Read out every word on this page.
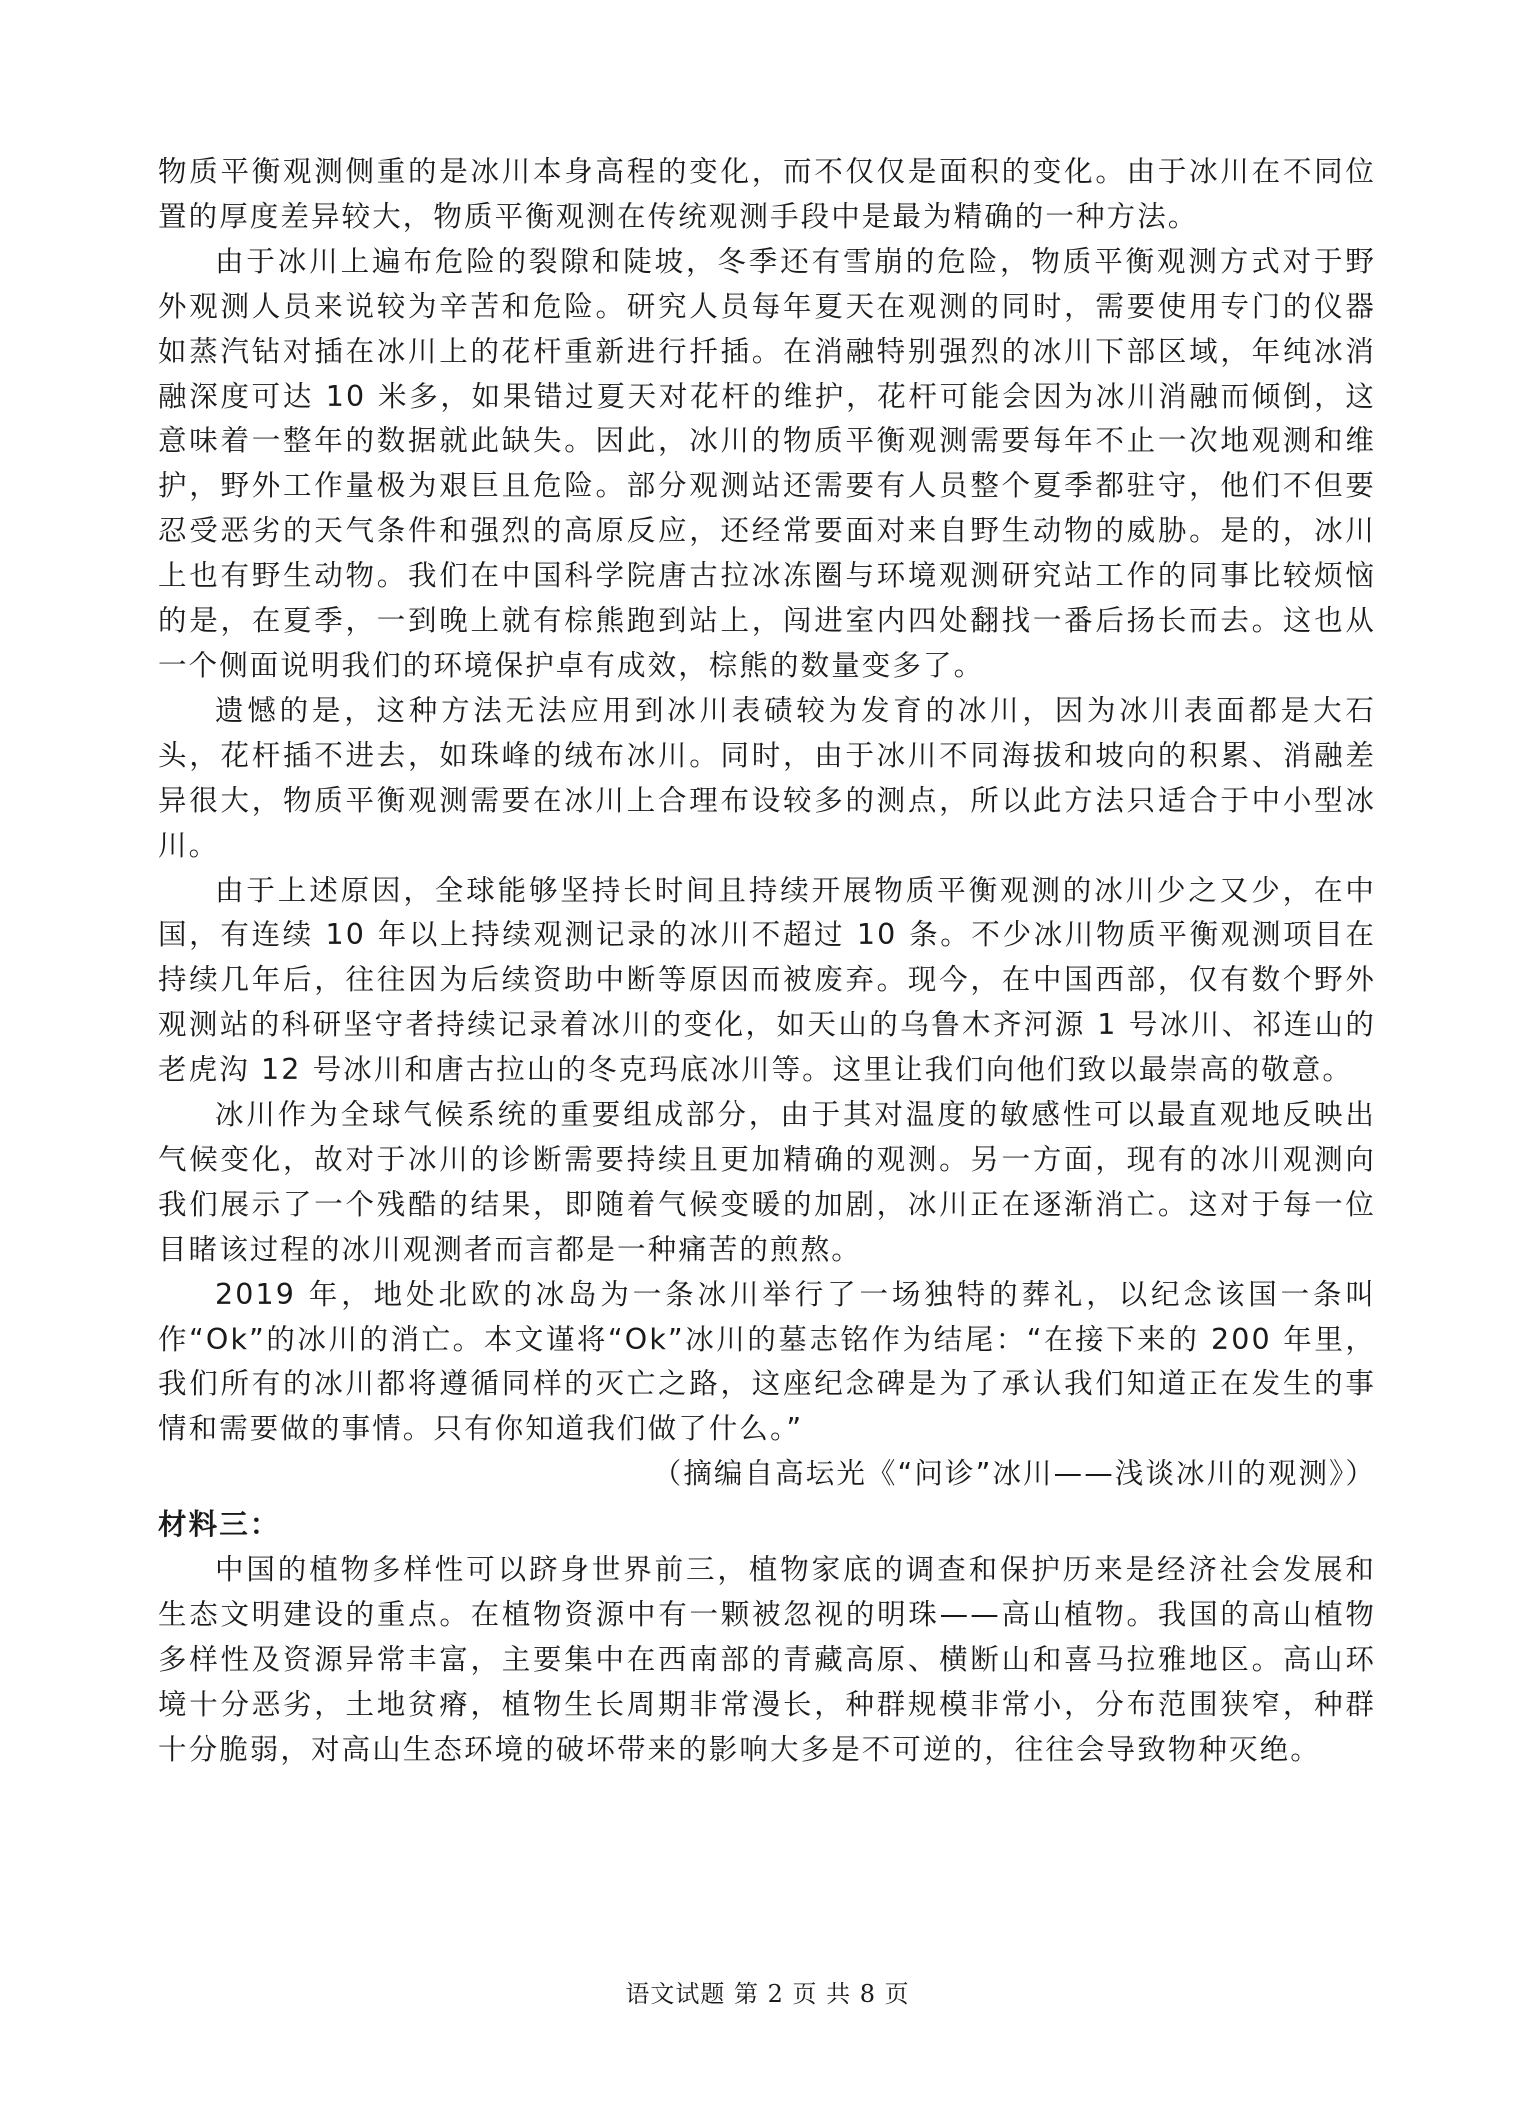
物质平衡观测侧重的是冰川本身高程的变化，而不仅仅是面积的变化。由于冰川在不同位置的厚度差异较大，物质平衡观测在传统观测手段中是最为精确的一种方法。

由于冰川上遍布危险的裂隙和陡坡，冬季还有雪崩的危险，物质平衡观测方式对于野外观测人员来说较为辛苦和危险。研究人员每年夏天在观测的同时，需要使用专门的仪器如蒸汽钻对插在冰川上的花杆重新进行扦插。在消融特别强烈的冰川下部区域，年纯冰消融深度可达 10 米多，如果错过夏天对花杆的维护，花杆可能会因为冰川消融而倾倒，这意味着一整年的数据就此缺失。因此，冰川的物质平衡观测需要每年不止一次地观测和维护，野外工作量极为艰巨且危险。部分观测站还需要有人员整个夏季都驻守，他们不但要忍受恶劣的天气条件和强烈的高原反应，还经常要面对来自野生动物的威胁。是的，冰川上也有野生动物。我们在中国科学院唐古拉冰冻圈与环境观测研究站工作的同事比较烦恼的是，在夏季，一到晚上就有棕熊跑到站上，闯进室内四处翻找一番后扬长而去。这也从一个侧面说明我们的环境保护卓有成效，棕熊的数量变多了。

遗憾的是，这种方法无法应用到冰川表碛较为发育的冰川，因为冰川表面都是大石头，花杆插不进去，如珠峰的绒布冰川。同时，由于冰川不同海拔和坡向的积累、消融差异很大，物质平衡观测需要在冰川上合理布设较多的测点，所以此方法只适合于中小型冰川。

由于上述原因，全球能够坚持长时间且持续开展物质平衡观测的冰川少之又少，在中国，有连续 10 年以上持续观测记录的冰川不超过 10 条。不少冰川物质平衡观测项目在持续几年后，往往因为后续资助中断等原因而被废弃。现今，在中国西部，仅有数个野外观测站的科研坚守者持续记录着冰川的变化，如天山的乌鲁木齐河源 1 号冰川、祁连山的老虎沟 12 号冰川和唐古拉山的冬克玛底冰川等。这里让我们向他们致以最崇高的敬意。

冰川作为全球气候系统的重要组成部分，由于其对温度的敏感性可以最直观地反映出气候变化，故对于冰川的诊断需要持续且更加精确的观测。另一方面，现有的冰川观测向我们展示了一个残酷的结果，即随着气候变暖的加剧，冰川正在逐渐消亡。这对于每一位目睹该过程的冰川观测者而言都是一种痛苦的煎熬。

2019 年，地处北欧的冰岛为一条冰川举行了一场独特的葬礼，以纪念该国一条叫作“Ok”的冰川的消亡。本文谨将“Ok”冰川的墓志铭作为结尾：“在接下来的 200 年里，我们所有的冰川都将遵循同样的灭亡之路，这座纪念碑是为了承认我们知道正在发生的事情和需要做的事情。只有你知道我们做了什么。”

（摘编自高坛光《“问诊”冰川——浅谈冰川的观测》）

材料三：

中国的植物多样性可以跻身世界前三，植物家底的调查和保护历来是经济社会发展和生态文明建设的重点。在植物资源中有一颗被忽视的明珠——高山植物。我国的高山植物多样性及资源异常丰富，主要集中在西南部的青藏高原、横断山和喜马拉雅地区。高山环境十分恶劣，土地贫瘠，植物生长周期非常漫长，种群规模非常小，分布范围狭窄，种群十分脆弱，对高山生态环境的破坏带来的影响大多是不可逆的，往往会导致物种灭绝。

语文试题 第 2 页 共 8 页
